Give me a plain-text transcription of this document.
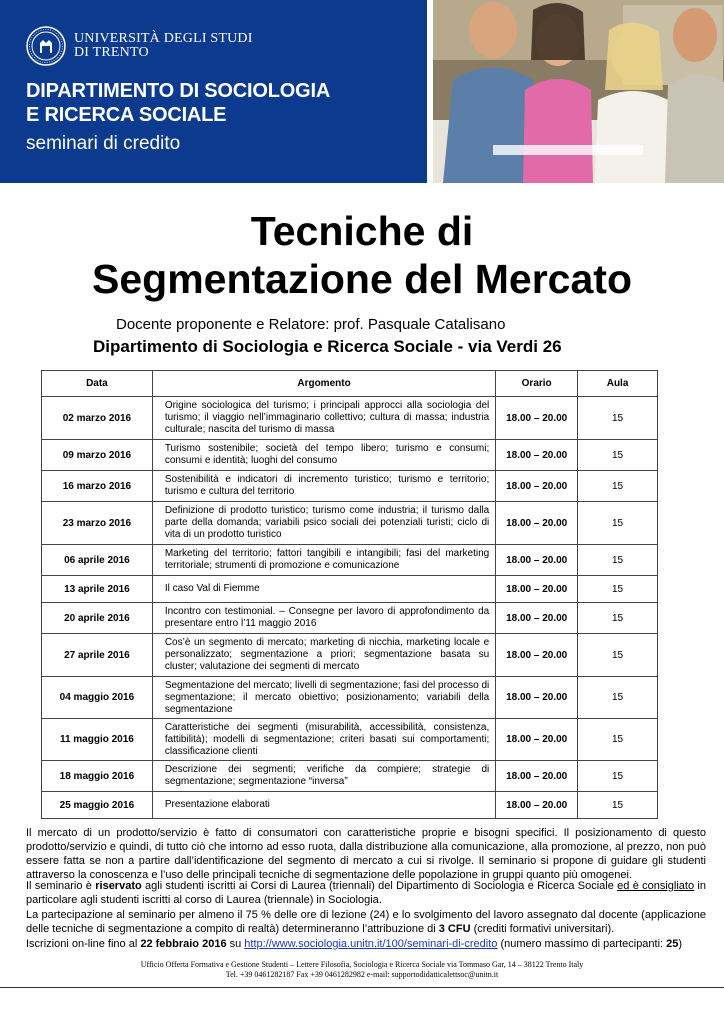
UNIVERSITÀ DEGLI STUDI
DI TRENTO
DIPARTIMENTO DI SOCIOLOGIA
E RICERCA SOCIALE
seminari di credito
Tecniche di
Segmentazione del Mercato
Docente proponente e Relatore: prof. Pasquale Catalisano
Dipartimento di Sociologia e Ricerca Sociale - via Verdi 26
Data	Argomento	Orario	Aula
02 marzo 2016	Origine sociologica del turismo; i principali approcci alla sociologia del turismo; il viaggio nell’immaginario collettivo; cultura di massa; industria culturale; nascita del turismo di massa	18.00 – 20.00	15
09 marzo 2016	Turismo sostenibile; società del tempo libero; turismo e consumi; consumi e identità; luoghi del consumo	18.00 – 20.00	15
16 marzo 2016	Sostenibilità e indicatori di incremento turistico; turismo e territorio; turismo e cultura del territorio	18.00 – 20.00	15
23 marzo 2016	Definizione di prodotto turistico; turismo come industria; il turismo dalla parte della domanda; variabili psico sociali dei potenziali turisti; ciclo di vita di un prodotto turistico	18.00 – 20.00	15
06 aprile 2016	Marketing del territorio; fattori tangibili e intangibili; fasi del marketing territoriale; strumenti di promozione e comunicazione	18.00 – 20.00	15
13 aprile 2016	Il caso Val di Fiemme	18.00 – 20.00	15
20 aprile 2016	Incontro con testimonial. – Consegne per lavoro di approfondimento da presentare entro l’11 maggio 2016	18.00 – 20.00	15
27 aprile 2016	Cos’è un segmento di mercato; marketing di nicchia, marketing locale e personalizzato; segmentazione a priori; segmentazione basata su cluster; valutazione dei segmenti di mercato	18.00 – 20.00	15
04 maggio 2016	Segmentazione del mercato; livelli di segmentazione; fasi del processo di segmentazione; il mercato obiettivo; posizionamento; variabili della segmentazione	18.00 – 20.00	15
11 maggio 2016	Caratteristiche dei segmenti (misurabilità, accessibilità, consistenza, fattibilità); modelli di segmentazione; criteri basati sui comportamenti; classificazione clienti	18.00 – 20.00	15
18 maggio 2016	Descrizione dei segmenti; verifiche da compiere; strategie di segmentazione; segmentazione “inversa”	18.00 – 20.00	15
25 maggio 2016	Presentazione elaborati	18.00 – 20.00	15

Il mercato di un prodotto/servizio è fatto di consumatori con caratteristiche proprie e bisogni specifici. Il posizionamento di questo prodotto/servizio e quindi, di tutto ciò che intorno ad esso ruota, dalla distribuzione alla comunicazione, alla promozione, al prezzo, non può essere fatta se non a partire dall’identificazione del segmento di mercato a cui si rivolge. Il seminario si propone di guidare gli studenti attraverso la conoscenza e l’uso delle principali tecniche di segmentazione delle popolazione in gruppi quanto più omogenei.

Il seminario è riservato agli studenti iscritti ai Corsi di Laurea (triennali) del Dipartimento di Sociologia e Ricerca Sociale ed è consigliato in particolare agli studenti iscritti al corso di Laurea (triennale) in Sociologia.

La partecipazione al seminario per almeno il 75 % delle ore di lezione (24) e lo svolgimento del lavoro assegnato dal docente (applicazione delle tecniche di segmentazione a compito di realtà) determineranno l’attribuzione di 3 CFU (crediti formativi universitari).

Iscrizioni on-line fino al 22 febbraio 2016 su http://www.sociologia.unitn.it/100/seminari-di-credito (numero massimo di partecipanti: 25)

Ufficio Offerta Formativa e Gestione Studenti – Lettere Filosofia, Sociologia e Ricerca Sociale via Tommaso Gar, 14 – 38122 Trento Italy
Tel. +39 0461282187 Fax +39 0461282982 e-mail: supportodidatticalettsoc@unitn.it
